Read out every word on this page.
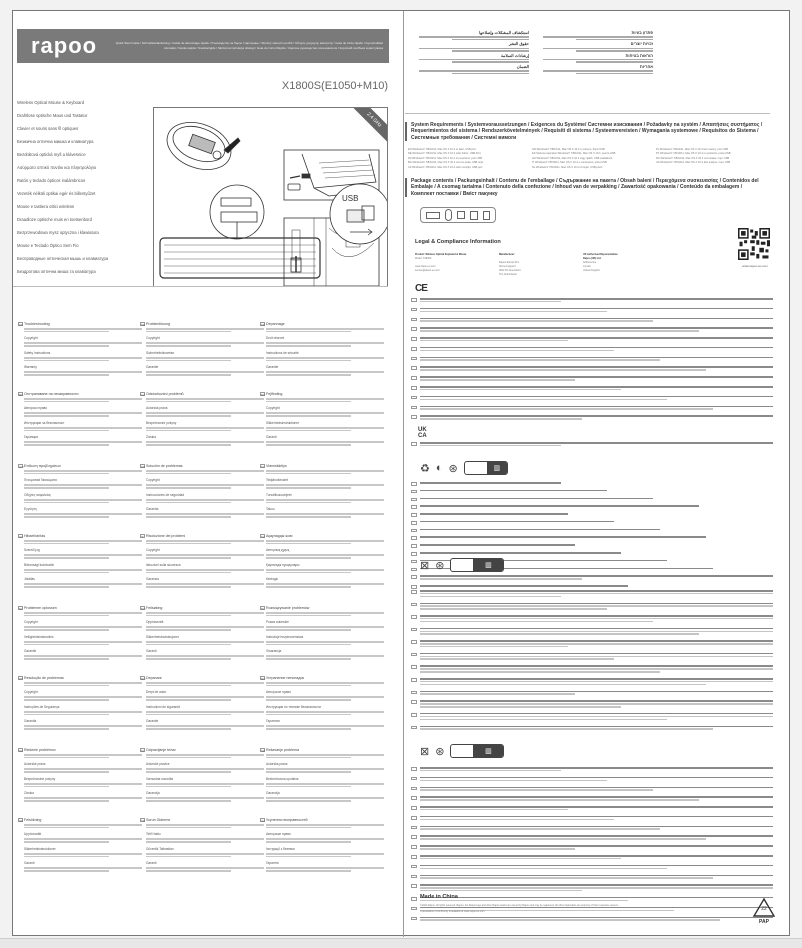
rapoo	Quick Start Guide / Schnellstartanleitung / Guide de démarrage rapide / Ръководство за бързо стартиране / Stručný návod k použití / Οδηγός γρήγορης εκκίνησης / Guía de inicio rápido / Gyorsindítási útmutató / Guida rapida / Snelstartgids / Skrócona instrukcja obsługi / Guia de Início Rápido / Краткое руководство пользователя / Короткий посібник користувача
X1800S(E1050+M10)
Wireless Optical Mouse & Keyboard
Drahtlose optische Maus und Tastatur
Clavier et souris sans fil optiques
Безжична оптична мишка и клавиатура
Bezdrátová optická myš a klávesnice
Ασύρματο οπτικό ποντίκι και πληκτρολόγιο
Ratón y teclado ópticos inalámbricos
Vezeték nélküli optikai egér és billentyűzet
Mouse e tastiera ottici wireless
Draadloze optische muis en toetsenbord
Bezprzewodowa mysz optyczna i klawiatura
Mouse e Teclado Óptico Sem Fio
Беспроводные оптическая мышь и клавиатура
Бездротова оптична миша та клавіатура
2.4 GHz
USB
EN Troubleshooting
Copyright
Safety Instructions
Warranty
DE Problemlösung
Copyright
Sicherheitshinweise
Garantie
FR Dépannage
Droit réservé
Instructions de sécurité
Garantie
BG Отстраняване на неизправности
Авторско право
Инструкции за безопасност
Гаранция
CZ Odstraňování problémů
Autorská práva
Bezpečnostní pokyny
Záruka
DK Fejlfinding
Copyright
Sikkerhedsinstruktioner
Garanti
GR Επίλυση προβλημάτων
Πνευματικά δικαιώματα
Οδηγίες ασφαλείας
Εγγύηση
ES Solución de problemas
Copyright
Instrucciones de seguridad
Garantía
FI Vianmääritys
Tekijänoikeudet
Turvallisuusohjeet
Takuu
HU Hibaelhárítás
Szerzői jog
Biztonsági tudnivalók
Jótállás
IT Risoluzione dei problemi
Copyright
Istruzioni sulla sicurezza
Garanzia
KZ Ақауларды жою
Авторлық құқық
Қауіпсіздік нұсқаулары
Кепілдік
NL Problemen oplossen
Copyright
Veiligheidsinstructies
Garantie
NO Feilsøking
Opphavsrett
Sikkerhetsinstruksjoner
Garanti
PL Rozwiązywanie problemów
Prawa autorskie
Instrukcje bezpieczeństwa
Gwarancja
PT Resolução de problemas
Copyright
Instruções de Segurança
Garantia
RO Depanare
Drept de autor
Instrucțiuni de siguranță
Garanție
RU Устранение неполадок
Авторское право
Инструкция по технике безопасности
Гарантия
SK Riešenie problémov
Autorské práva
Bezpečnostné pokyny
Záruka
SL Odpravljanje težav
Avtorske pravice
Varnostna navodila
Garancija
SR Rešavanje problema
Autorska prava
Bezbednosna uputstva
Garancija
SE Felsökning
Upphovsrätt
Säkerhetsinstruktioner
Garanti
TR Sorun Giderme
Telif Hakkı
Güvenlik Talimatları
Garanti
UA Усунення несправностей
Авторське право
Інструкції з безпеки
Гарантія
استكشاف المشكلات وإصلاحها
حقوق النشر
إرشادات السلامة
الضمان
פתרון בעיות
זכויות יוצרים
הוראות בטיחות
אחריות
System Requirements / Systemvoraussetzungen / Exigences du Système/ Системни изисквания / Požadavky na systém / Απαιτήσεις συστήματος / Requerimientos del sistema / Rendszerkövetelmények / Requisiti di sistema / Systeemvereisten / Wymagania systemowe / Requisitos do Sistema / Системные требования / Системні вимоги
EN Windows® 7/8/10/11, Mac OS X 10.4 or later, USB port
DE Windows® 7/8/10/11, Mac OS X 10.4 oder höher, USB-Port
FR Windows® 7/8/10/11, Mac OS X 10.4 ou supérieur, port USB
BG Windows® 7/8/10/11, Mac OS X 10.4 или по-нова, USB порт
CZ Windows® 7/8/10/11, Mac OS X 10.4 nebo novější, USB port
GR Windows® 7/8/10/11, Mac OS X 10.4 ή νεότερο, θύρα USB
ES Sistema operativo Windows® 7/8/10/11, Mac OS X 10.4, puerto USB
HU Windows® 7/8/10/11, Mac OS X 10.4 vagy újabb, USB csatlakozó
IT Windows® 7/8/10/11, Mac OS X 10.4 o successivo, porta USB
NL Windows® 7/8/10/11, Mac OS X 10.4 of hoger, USB-poort
PL Windows® 7/8/10/11, Mac OS X 10.4 lub nowszy, port USB
PT Windows® 7/8/10/11, Mac OS X 10.4 ou posterior, porta USB
RU Windows® 7/8/10/11, Mac OS X 10.4 или новее, порт USB
UA Windows® 7/8/10/11, Mac OS X 10.4 або новіше, порт USB
Package contents / Packungsinhalt / Contenu de l'emballage / Съдържание на пакета / Obsah balení / Περιεχόμενα συσκευασίας / Contenidos del Embalaje / A csomag tartalma / Contenuto della confezione / Inhoud van de verpakking / Zawartość opakowania / Conteúdo da embalagem / Комплект поставки / Вміст пакунку
Legal & Compliance Information
Product: Wireless Optical Keyboard & Mouse
Model: X1800S
www.rapoo-eu.com
service@rapoo-eu.com
Manufacturer:
Rapoo Europe B.V.
Kleine Koppel 5
3812 PG Amersfoort
The Netherlands
UK Authorised Representative:
Rapoo (UK) Ltd.
Address line
London
United Kingdom
www.rapoo-eu.com
CE
UK
CA
♻ ◐ ⊛	▥
⊠ ⊛	▥
⊠ ⊛	▥
Made in China
©2024 Rapoo. All rights reserved. Rapoo, the Rapoo logo and other Rapoo marks are owned by Rapoo and may be registered. All other trademarks are property of their respective owners.
A declaration of conformity is available at www.rapoo-eu.com	22
PAP
